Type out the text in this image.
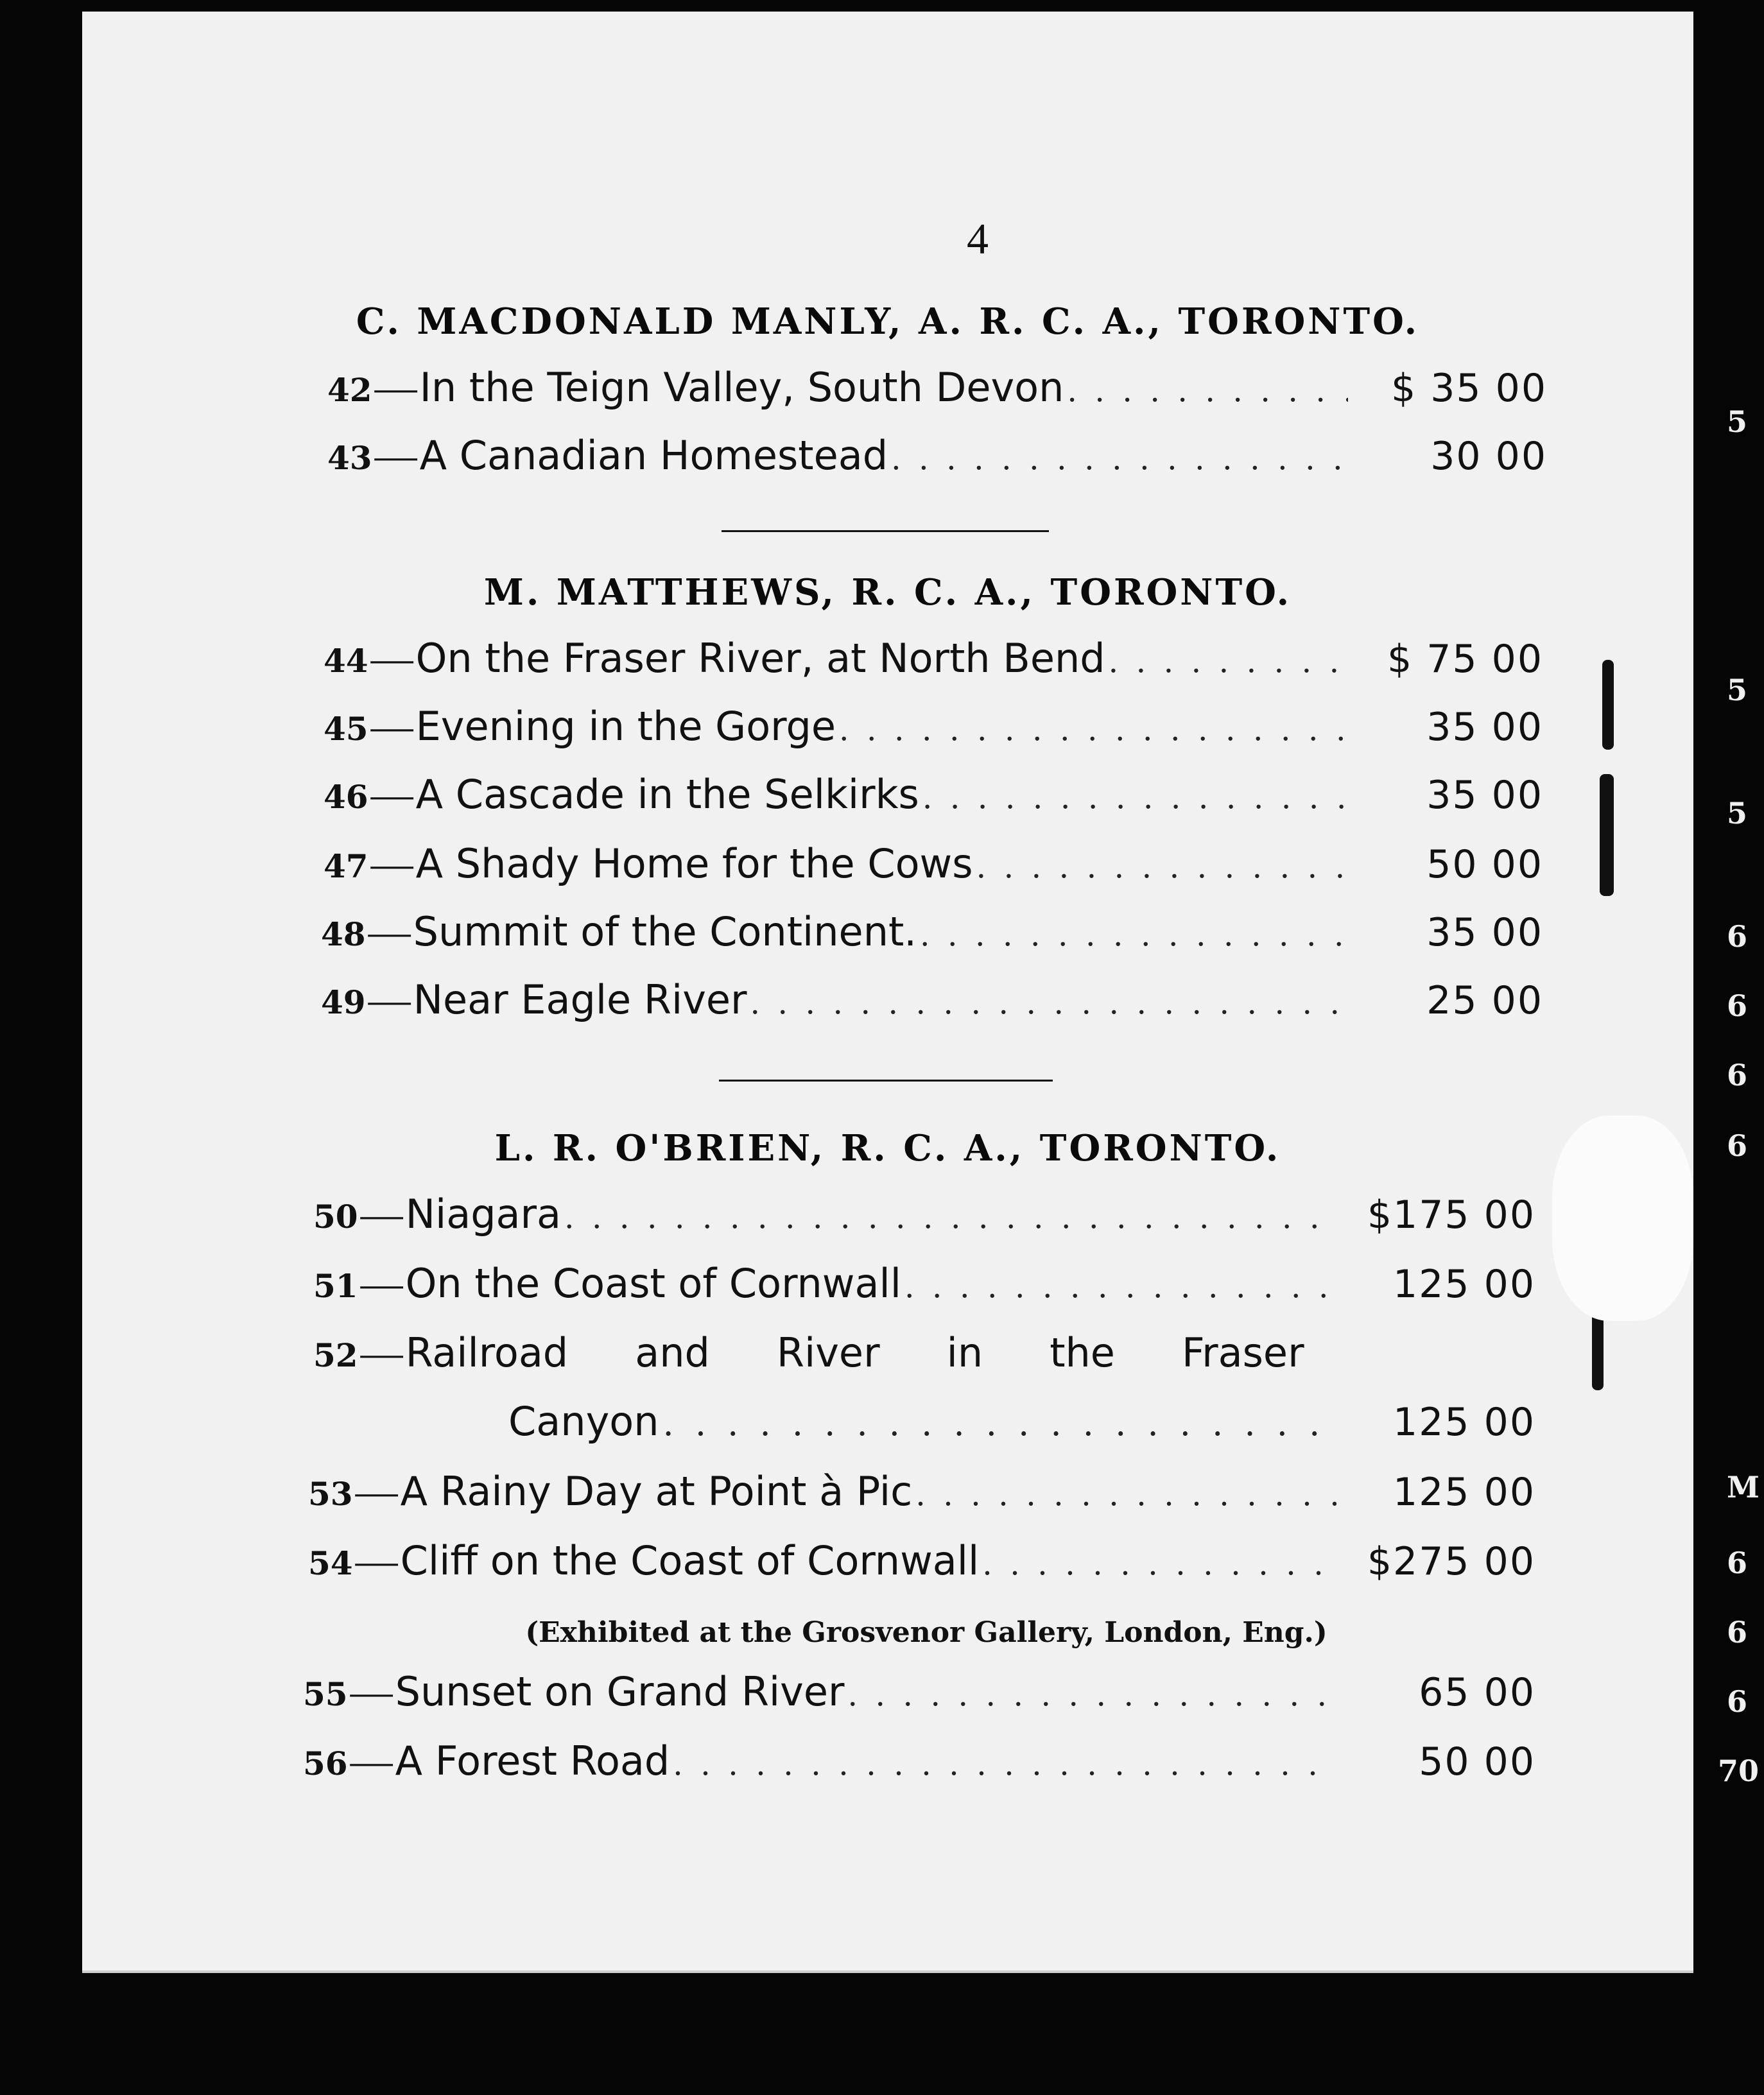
4
C. MACDONALD MANLY, A. R. C. A., TORONTO.
42 — In the Teign Valley, South Devon . . .	$ 35 00
43 — A Canadian Homestead . . .	30 00
M. MATTHEWS, R. C. A., TORONTO.
44 — On the Fraser River, at North Bend . . .	$ 75 00
45 — Evening in the Gorge . . .	35 00
46 — A Cascade in the Selkirks . . .	35 00
47 — A Shady Home for the Cows . . .	50 00
48 — Summit of the Continent. . . .	35 00
49 — Near Eagle River . . .	25 00
L. R. O'BRIEN, R. C. A., TORONTO.
50 — Niagara . . .	$175 00
51 — On the Coast of Cornwall . . .	125 00
52 — Railroad and River in the Fraser
Canyon . . .	125 00
53 — A Rainy Day at Point à Pic . . .	125 00
54 — Cliff on the Coast of Cornwall . . .	$275 00
(Exhibited at the Grosvenor Gallery, London, Eng.)
55 — Sunset on Grand River . . .	65 00
56 — A Forest Road . . .	50 00
5
5
5
6
6
6
6
M
6
6
6
70
